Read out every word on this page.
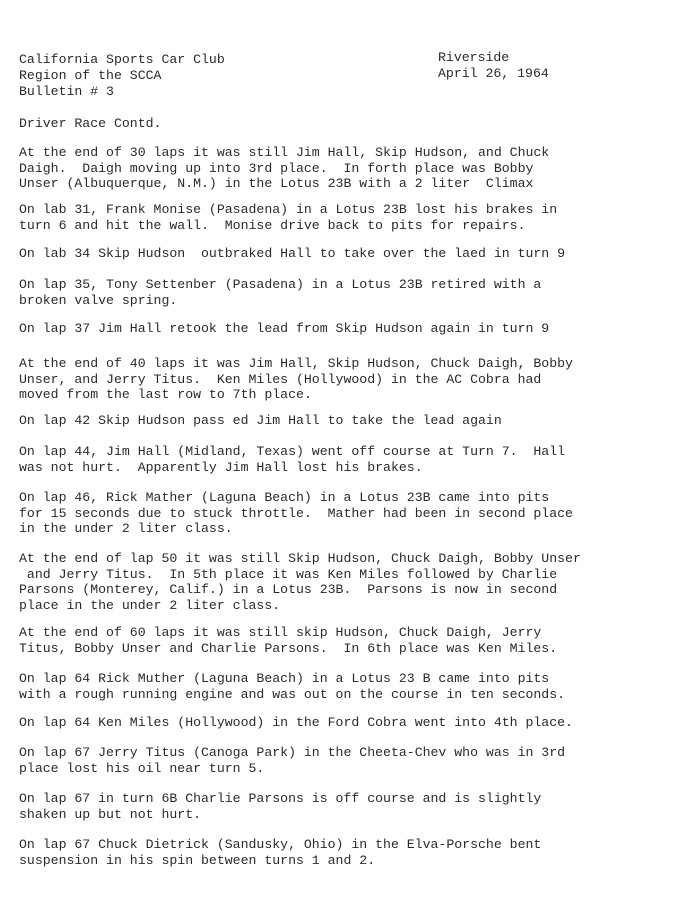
California Sports Car Club
Region of the SCCA
Bulletin # 3
Riverside
April 26, 1964
Driver Race Contd.
At the end of 30 laps it was still Jim Hall, Skip Hudson, and Chuck
Daigh.  Daigh moving up into 3rd place.  In forth place was Bobby
Unser (Albuquerque, N.M.) in the Lotus 23B with a 2 liter  Climax
On lab 31, Frank Monise (Pasadena) in a Lotus 23B lost his brakes in
turn 6 and hit the wall.  Monise drive back to pits for repairs.
On lab 34 Skip Hudson  outbraked Hall to take over the laed in turn 9
On lap 35, Tony Settenber (Pasadena) in a Lotus 23B retired with a
broken valve spring.
On lap 37 Jim Hall retook the lead from Skip Hudson again in turn 9
At the end of 40 laps it was Jim Hall, Skip Hudson, Chuck Daigh, Bobby
Unser, and Jerry Titus.  Ken Miles (Hollywood) in the AC Cobra had
moved from the last row to 7th place.
On lap 42 Skip Hudson pass ed Jim Hall to take the lead again
On lap 44, Jim Hall (Midland, Texas) went off course at Turn 7.  Hall
was not hurt.  Apparently Jim Hall lost his brakes.
On lap 46, Rick Mather (Laguna Beach) in a Lotus 23B came into pits
for 15 seconds due to stuck throttle.  Mather had been in second place
in the under 2 liter class.
At the end of lap 50 it was still Skip Hudson, Chuck Daigh, Bobby Unser
and Jerry Titus.  In 5th place it was Ken Miles followed by Charlie
Parsons (Monterey, Calif.) in a Lotus 23B.  Parsons is now in second
place in the under 2 liter class.
At the end of 60 laps it was still skip Hudson, Chuck Daigh, Jerry
Titus, Bobby Unser and Charlie Parsons.  In 6th place was Ken Miles.
On lap 64 Rick Muther (Laguna Beach) in a Lotus 23 B came into pits
with a rough running engine and was out on the course in ten seconds.
On lap 64 Ken Miles (Hollywood) in the Ford Cobra went into 4th place.
On lap 67 Jerry Titus (Canoga Park) in the Cheeta-Chev who was in 3rd
place lost his oil near turn 5.
On lap 67 in turn 6B Charlie Parsons is off course and is slightly
shaken up but not hurt.
On lap 67 Chuck Dietrick (Sandusky, Ohio) in the Elva-Porsche bent
suspension in his spin between turns 1 and 2.
